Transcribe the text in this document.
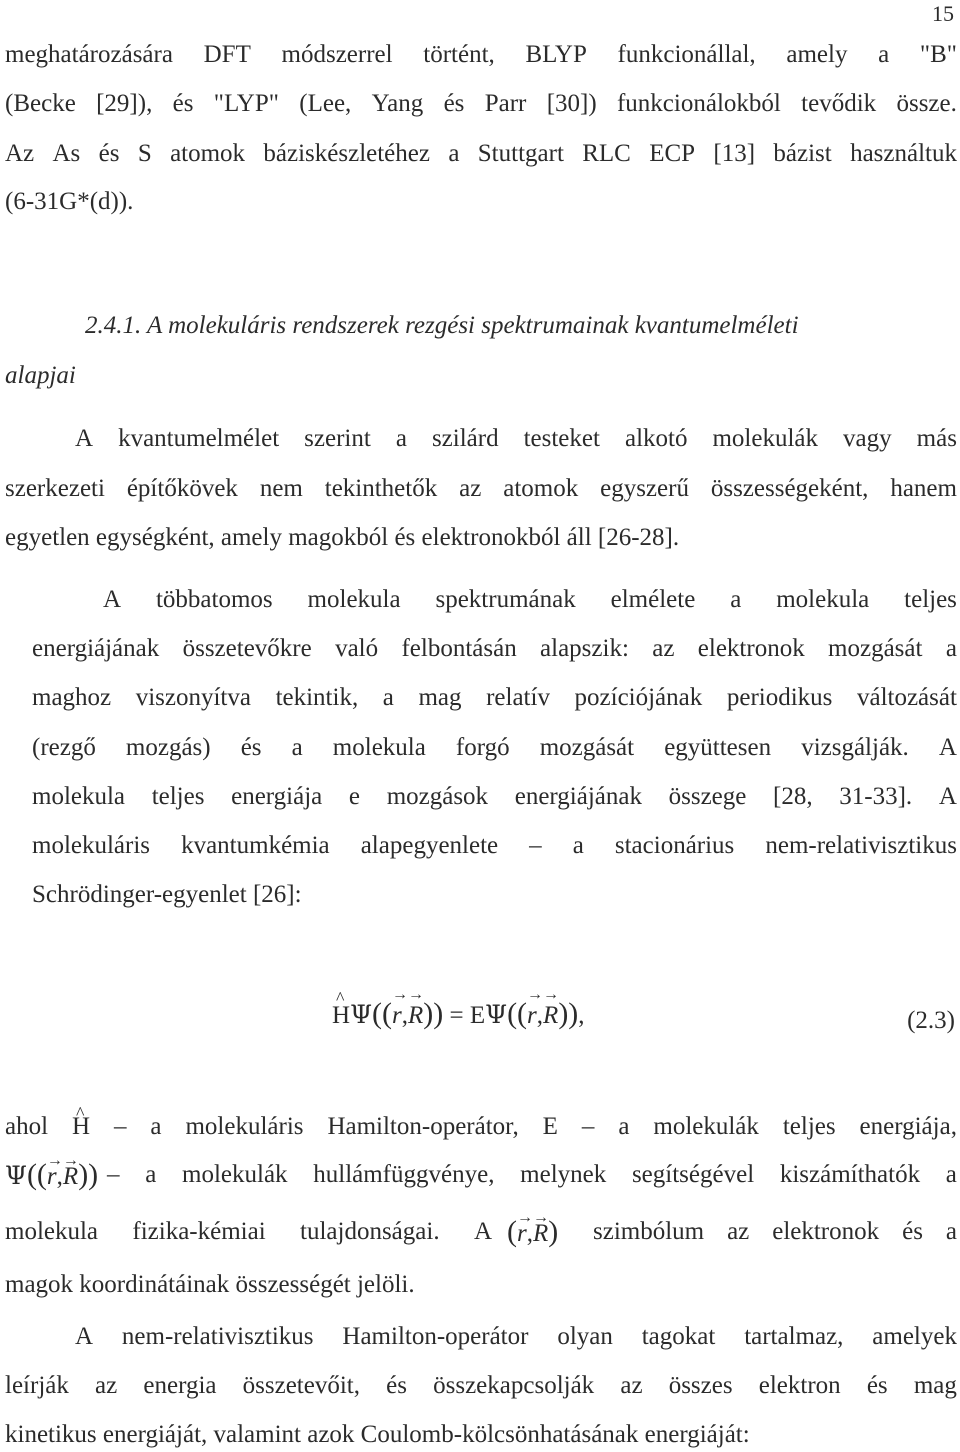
15
meghatározására DFT módszerrel történt, BLYP funkcionállal, amely a "B"
(Becke [29]), és "LYP" (Lee, Yang és Parr [30]) funkcionálokból tevődik össze.
Az As és S atomok báziskészletéhez a Stuttgart RLC ECP [13] bázist használtuk
(6-31G*(d)).
2.4.1. A molekuláris rendszerek rezgési spektrumainak kvantumelméleti
alapjai
A kvantumelmélet szerint a szilárd testeket alkotó molekulák vagy más
szerkezeti építőkövek nem tekinthetők az atomok egyszerű összességeként, hanem
egyetlen egységként, amely magokból és elektronokból áll [26-28].
A többatomos molekula spektrumának elmélete a molekula teljes
energiájának összetevőkre való felbontásán alapszik: az elektronok mozgását a
maghoz viszonyítva tekintik, a mag relatív pozíciójának periodikus változását
(rezgő mozgás) és a molekula forgó mozgását együttesen vizsgálják. A
molekula teljes energiája e mozgások energiájának összege [28, 31-33]. A
molekuláris kvantumkémia alapegyenlete – a stacionárius nem-relativisztikus
Schrödinger-egyenlet [26]:
^ HΨ((→ r,→ R)) = EΨ((→ r,→ R)),	(2.3)
ahol
^ H – a molekuláris Hamilton-operátor, E – a molekulák teljes energiája,
Ψ((→ r,→ R)) – a molekulák hullámfüggvénye, melynek segítségével kiszámíthatók a
molekula fizika-kémiai tulajdonságai. A (→ r,→ R) szimbólum az elektronok és a
magok koordinátáinak összességét jelöli.
A nem-relativisztikus Hamilton-operátor olyan tagokat tartalmaz, amelyek
leírják az energia összetevőit, és összekapcsolják az összes elektron és mag
kinetikus energiáját, valamint azok Coulomb-kölcsönhatásának energiáját:
